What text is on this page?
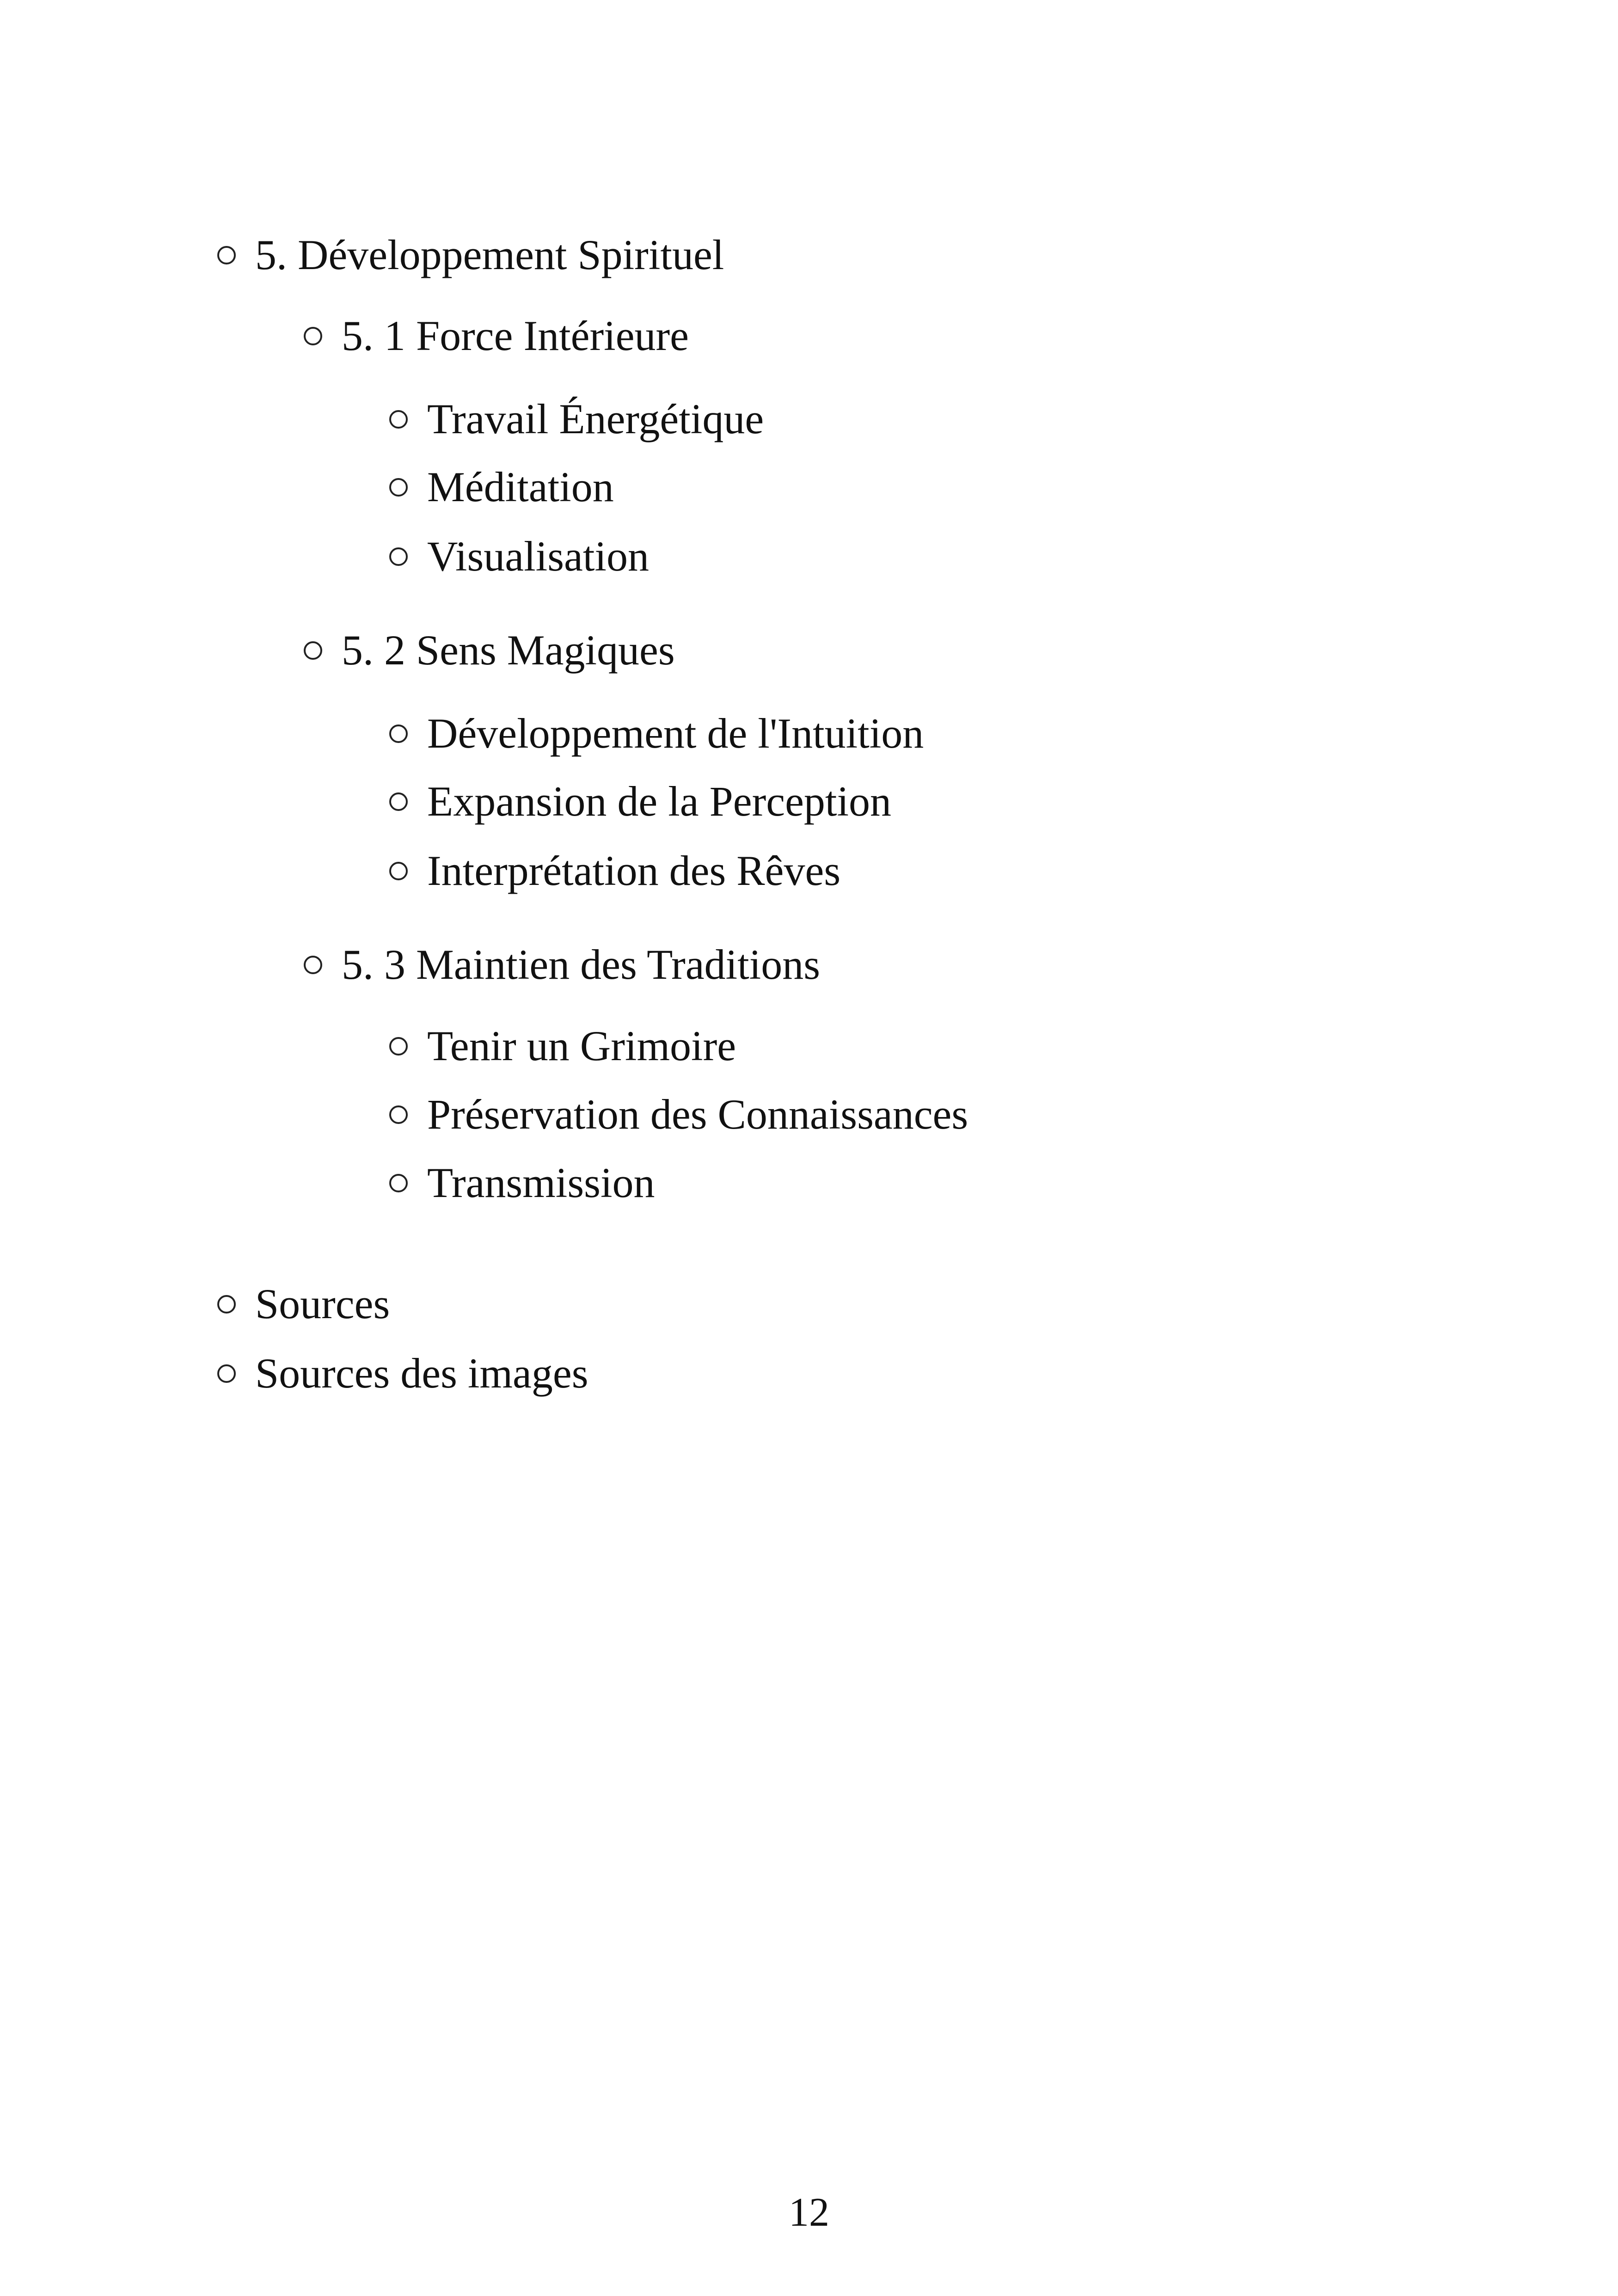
5. Développement Spirituel
5. 1 Force Intérieure
Travail Énergétique
Méditation
Visualisation
5. 2 Sens Magiques
Développement de l'Intuition
Expansion de la Perception
Interprétation des Rêves
5. 3 Maintien des Traditions
Tenir un Grimoire
Préservation des Connaissances
Transmission
Sources
Sources des images
12
